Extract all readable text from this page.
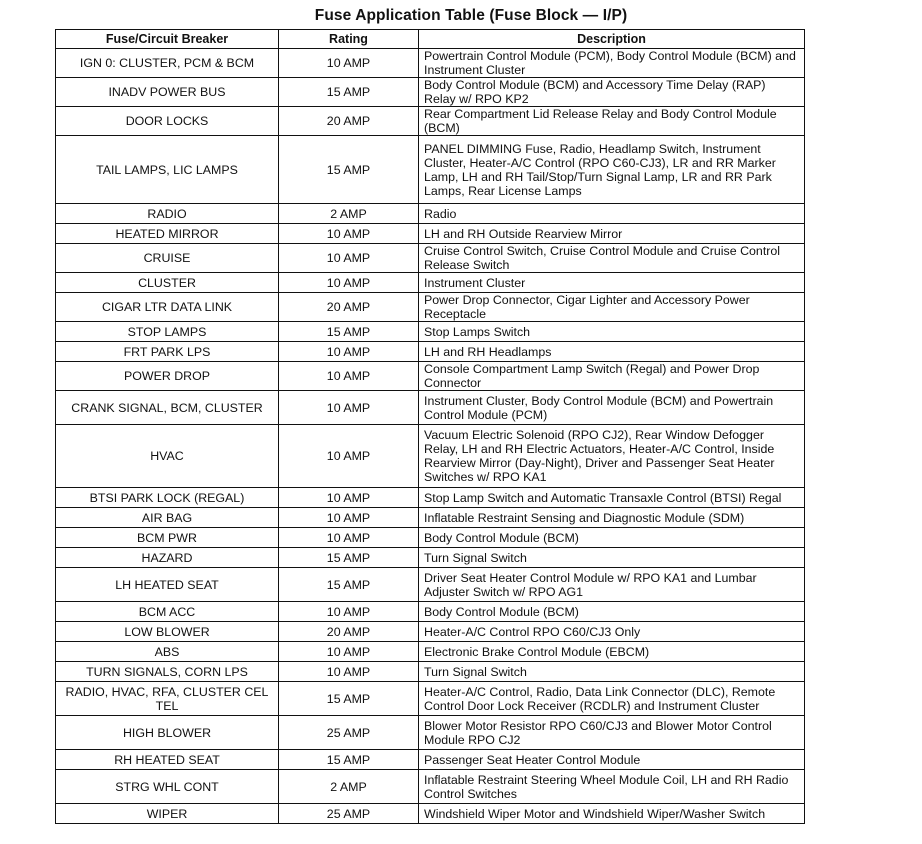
Fuse Application Table (Fuse Block — I/P)
Fuse/Circuit Breaker	Rating	Description
IGN 0: CLUSTER, PCM & BCM	10 AMP	Powertrain Control Module (PCM), Body Control Module (BCM) and Instrument Cluster
INADV POWER BUS	15 AMP	Body Control Module (BCM) and Accessory Time Delay (RAP) Relay w/ RPO KP2
DOOR LOCKS	20 AMP	Rear Compartment Lid Release Relay and Body Control Module (BCM)
TAIL LAMPS, LIC LAMPS	15 AMP	PANEL DIMMING Fuse, Radio, Headlamp Switch, Instrument Cluster, Heater-A/C Control (RPO C60-CJ3), LR and RR Marker Lamp, LH and RH Tail/Stop/Turn Signal Lamp, LR and RR Park Lamps, Rear License Lamps
RADIO	2 AMP	Radio
HEATED MIRROR	10 AMP	LH and RH Outside Rearview Mirror
CRUISE	10 AMP	Cruise Control Switch, Cruise Control Module and Cruise Control Release Switch
CLUSTER	10 AMP	Instrument Cluster
CIGAR LTR DATA LINK	20 AMP	Power Drop Connector, Cigar Lighter and Accessory Power Receptacle
STOP LAMPS	15 AMP	Stop Lamps Switch
FRT PARK LPS	10 AMP	LH and RH Headlamps
POWER DROP	10 AMP	Console Compartment Lamp Switch (Regal) and Power Drop Connector
CRANK SIGNAL, BCM, CLUSTER	10 AMP	Instrument Cluster, Body Control Module (BCM) and Powertrain Control Module (PCM)
HVAC	10 AMP	Vacuum Electric Solenoid (RPO CJ2), Rear Window Defogger Relay, LH and RH Electric Actuators, Heater-A/C Control, Inside Rearview Mirror (Day-Night), Driver and Passenger Seat Heater Switches w/ RPO KA1
BTSI PARK LOCK (REGAL)	10 AMP	Stop Lamp Switch and Automatic Transaxle Control (BTSI) Regal
AIR BAG	10 AMP	Inflatable Restraint Sensing and Diagnostic Module (SDM)
BCM PWR	10 AMP	Body Control Module (BCM)
HAZARD	15 AMP	Turn Signal Switch
LH HEATED SEAT	15 AMP	Driver Seat Heater Control Module w/ RPO KA1 and Lumbar Adjuster Switch w/ RPO AG1
BCM ACC	10 AMP	Body Control Module (BCM)
LOW BLOWER	20 AMP	Heater-A/C Control RPO C60/CJ3 Only
ABS	10 AMP	Electronic Brake Control Module (EBCM)
TURN SIGNALS, CORN LPS	10 AMP	Turn Signal Switch
RADIO, HVAC, RFA, CLUSTER CEL TEL	15 AMP	Heater-A/C Control, Radio, Data Link Connector (DLC), Remote Control Door Lock Receiver (RCDLR) and Instrument Cluster
HIGH BLOWER	25 AMP	Blower Motor Resistor RPO C60/CJ3 and Blower Motor Control Module RPO CJ2
RH HEATED SEAT	15 AMP	Passenger Seat Heater Control Module
STRG WHL CONT	2 AMP	Inflatable Restraint Steering Wheel Module Coil, LH and RH Radio Control Switches
WIPER	25 AMP	Windshield Wiper Motor and Windshield Wiper/Washer Switch
